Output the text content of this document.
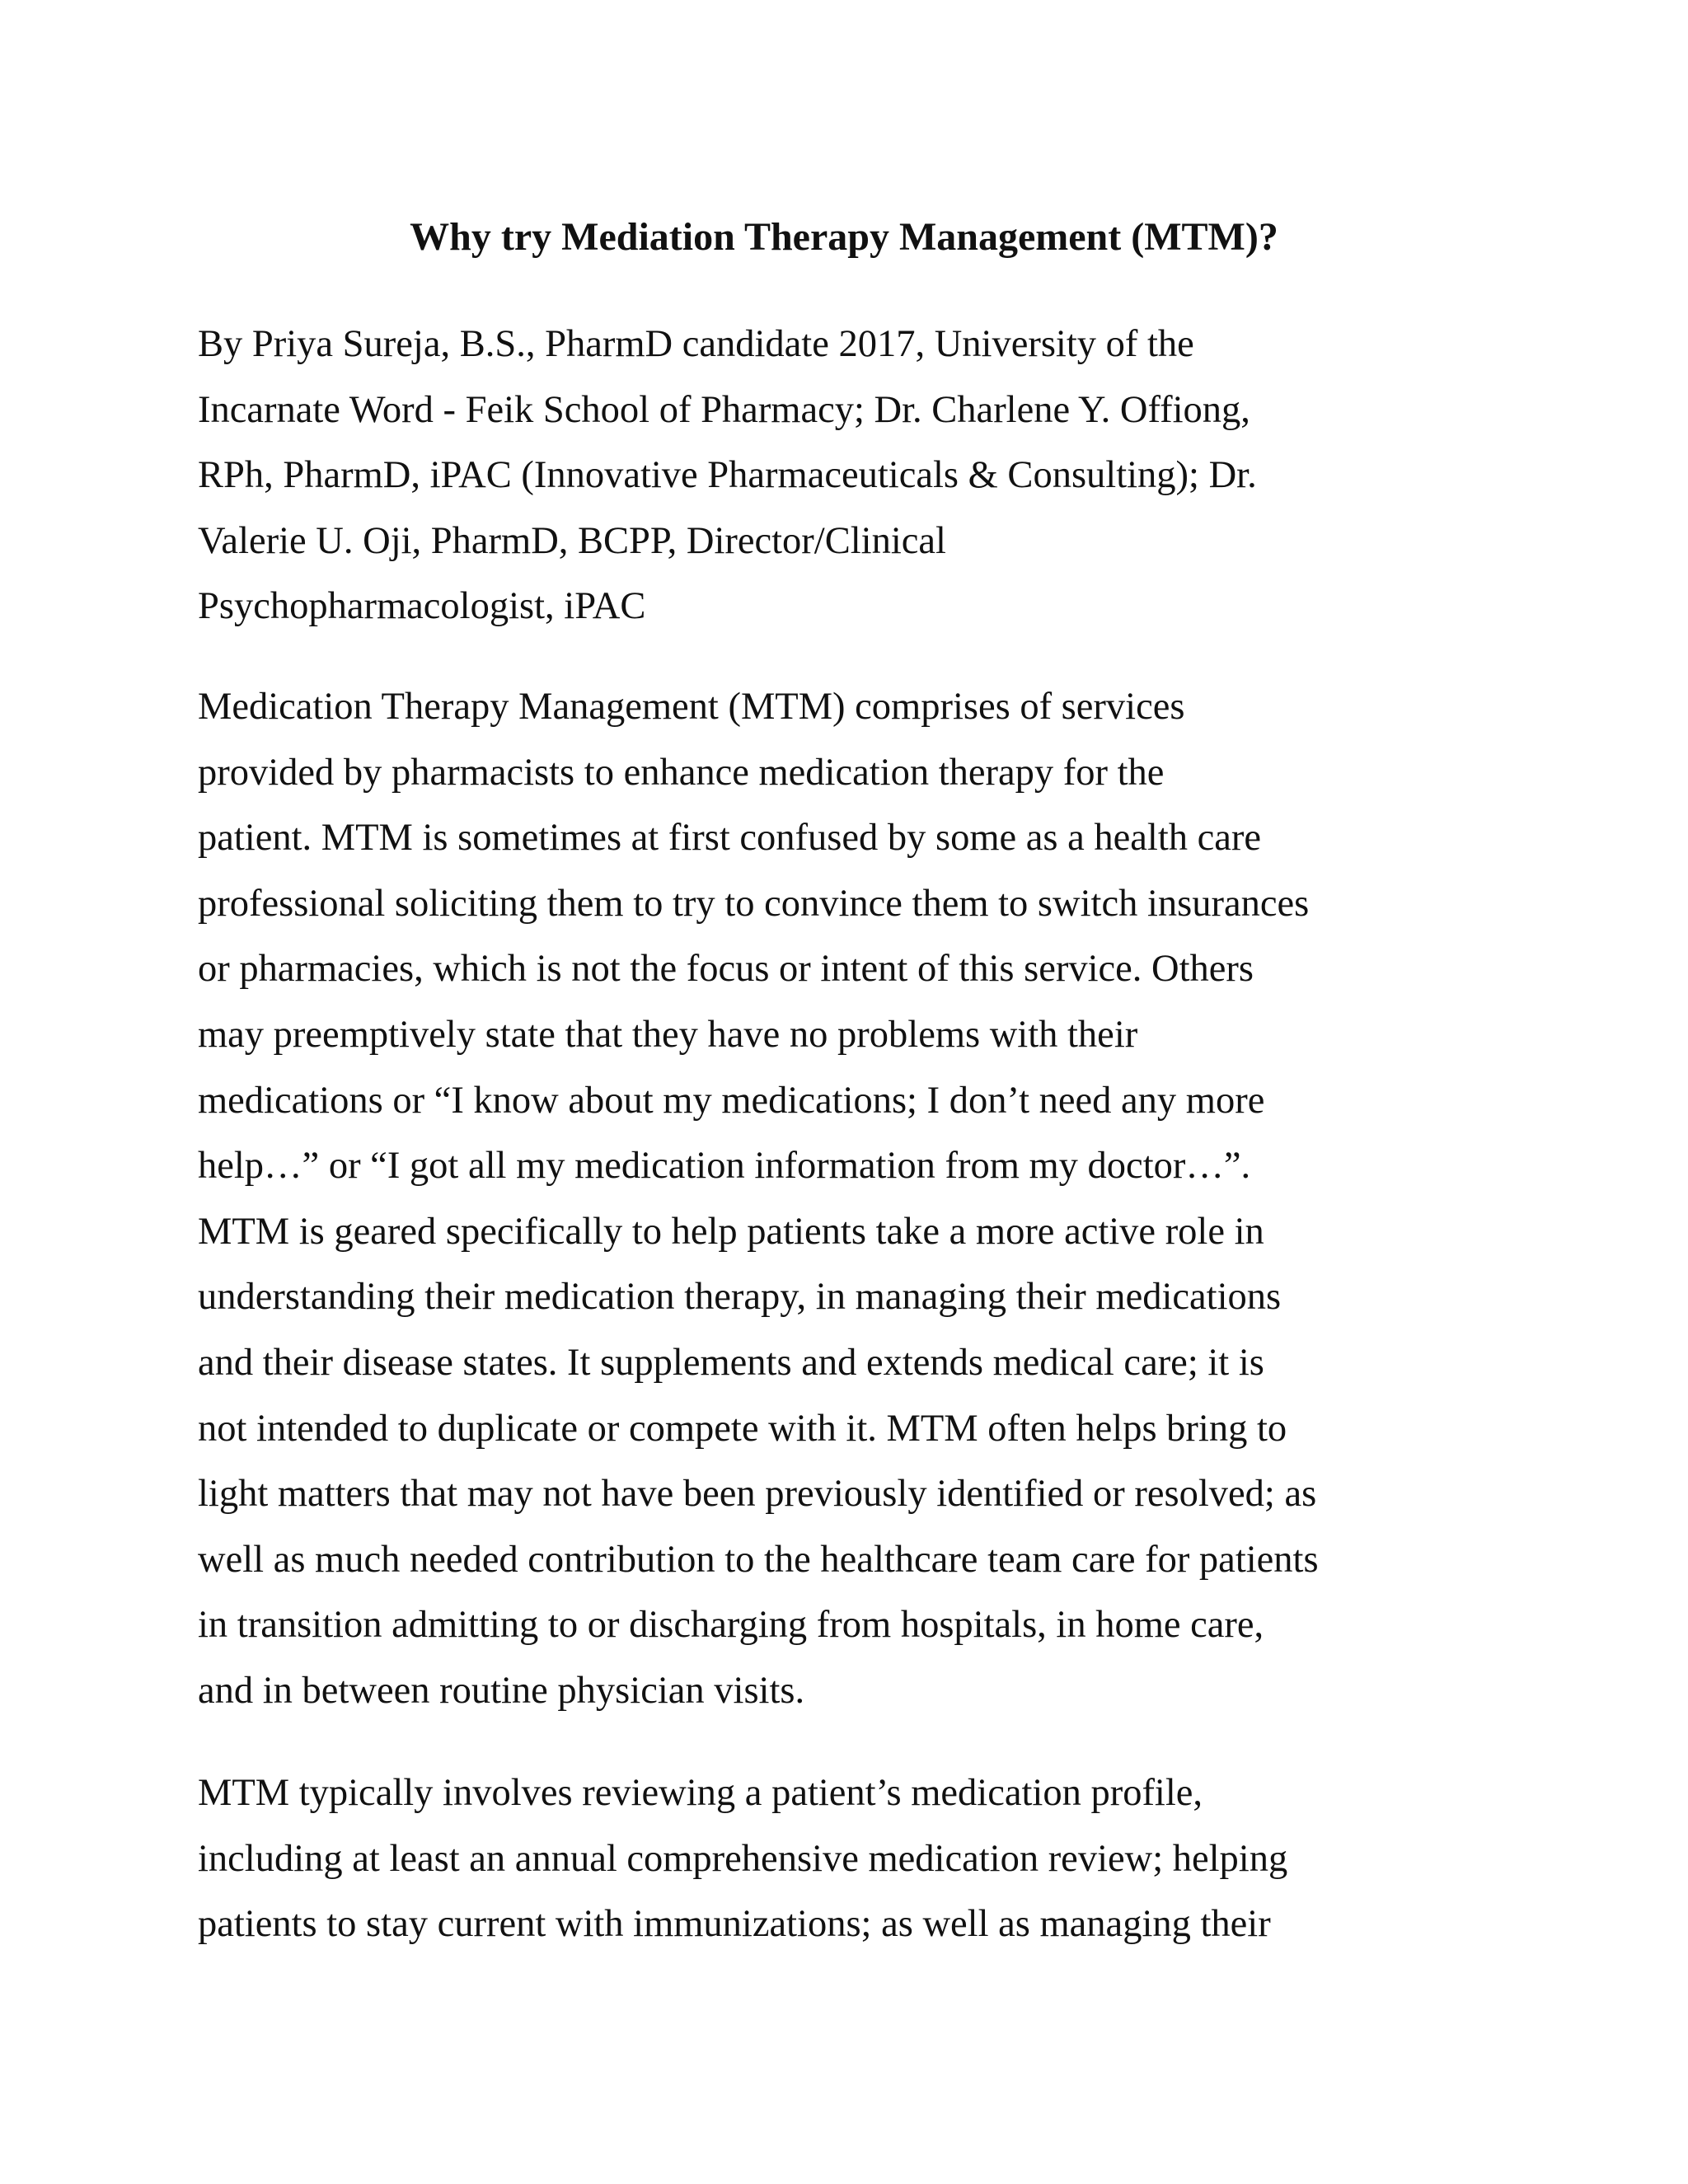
Why try Mediation Therapy Management (MTM)?

By Priya Sureja, B.S., PharmD candidate 2017, University of the
Incarnate Word - Feik School of Pharmacy; Dr. Charlene Y. Offiong,
RPh, PharmD, iPAC (Innovative Pharmaceuticals & Consulting); Dr.
Valerie U. Oji, PharmD, BCPP, Director/Clinical
Psychopharmacologist, iPAC

Medication Therapy Management (MTM) comprises of services
provided by pharmacists to enhance medication therapy for the
patient. MTM is sometimes at first confused by some as a health care
professional soliciting them to try to convince them to switch insurances
or pharmacies, which is not the focus or intent of this service. Others
may preemptively state that they have no problems with their
medications or “I know about my medications; I don’t need any more
help…” or “I got all my medication information from my doctor…”.
MTM is geared specifically to help patients take a more active role in
understanding their medication therapy, in managing their medications
and their disease states. It supplements and extends medical care; it is
not intended to duplicate or compete with it. MTM often helps bring to
light matters that may not have been previously identified or resolved; as
well as much needed contribution to the healthcare team care for patients
in transition admitting to or discharging from hospitals, in home care,
and in between routine physician visits.

MTM typically involves reviewing a patient’s medication profile,
including at least an annual comprehensive medication review; helping
patients to stay current with immunizations; as well as managing their
